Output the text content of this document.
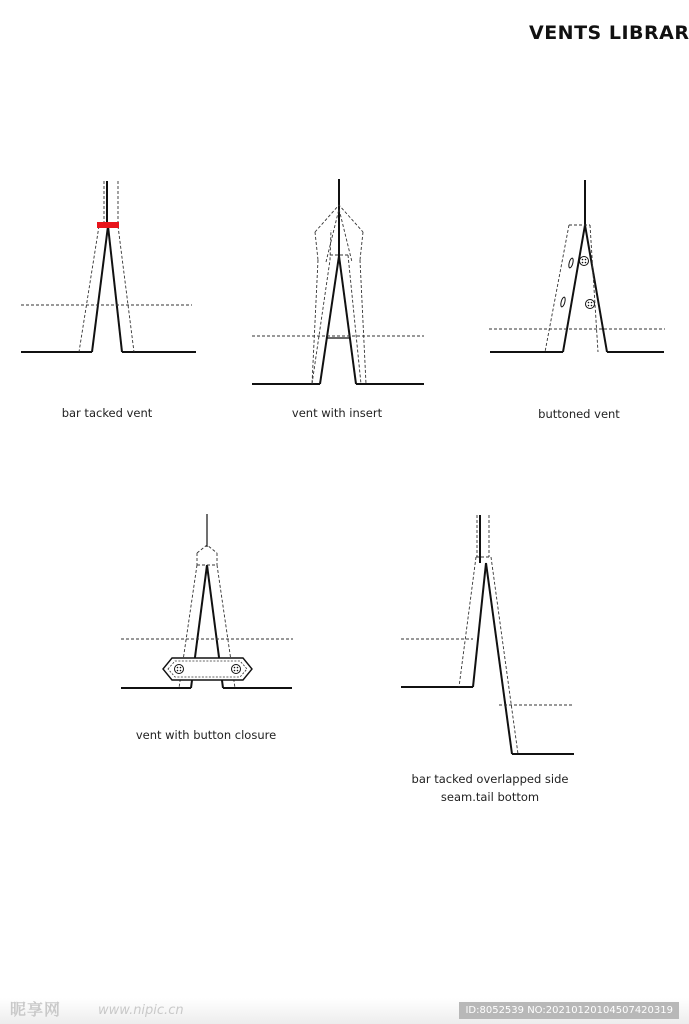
VENTS LIBRAR
bar tacked vent	vent with insert	buttoned vent
vent with button closure
bar tacked overlapped side
seam.tail bottom
昵享网	www.nipic.cn	ID:8052539 NO:20210120104507420319
